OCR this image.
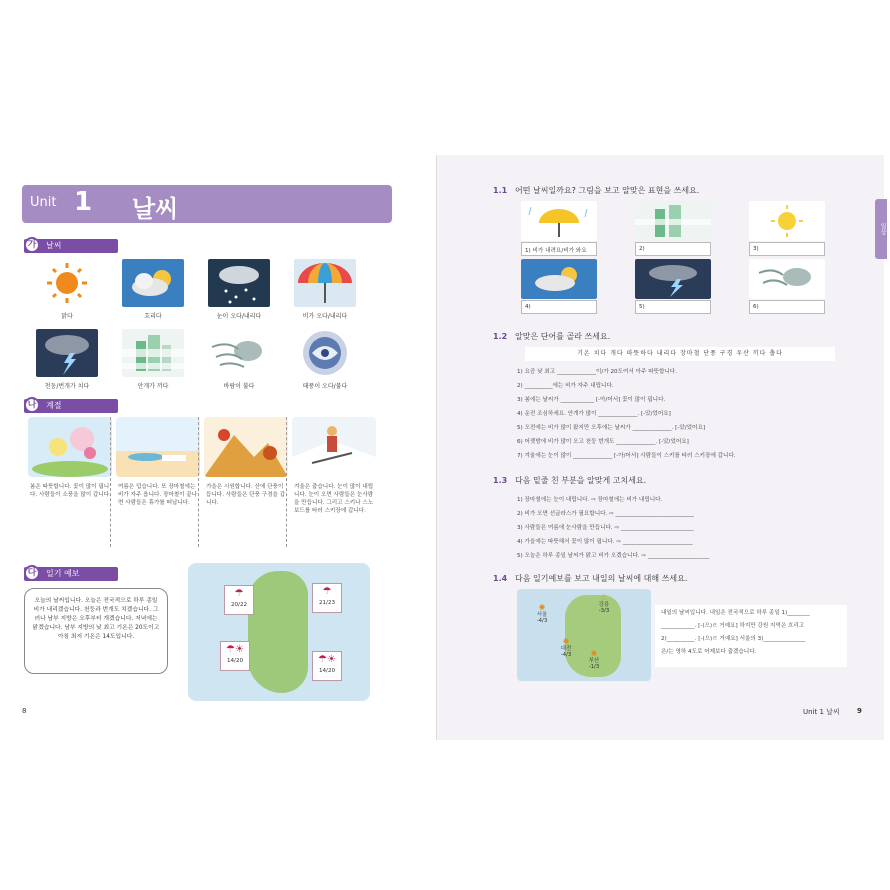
Unit 1 날씨
가	날씨
맑다	흐리다	눈이 오다/내리다	비가 오다/내리다
천둥/번개가 치다	안개가 끼다	바람이 불다	태풍이 오다/불다
나	계절
봄은 따뜻합니다. 꽃이 많이 핍니다. 사람들이 소풍을 많이 갑니다.
여름은 덥습니다. 또 장마철에는 비가 자주 옵니다. 장마철이 끝나면 사람들은 휴가를 떠납니다.
가을은 시원합니다. 산에 단풍이 듭니다. 사람들은 단풍 구경을 갑니다.
겨울은 춥습니다. 눈이 많이 내립니다. 눈이 오면 사람들은 눈사람을 만듭니다. 그리고 스키나 스노보드를 타러 스키장에 갑니다.
다	일기 예보
오늘의 날씨입니다. 오늘은 전국적으로 하루 종일 비가 내리겠습니다. 천둥과 번개도 치겠습니다. 그러나 남부 지방은 오후부터 개겠습니다. 저녁에는 맑겠습니다. 남부 지방의 낮 최고 기온은 20도이고 아침 최저 기온은 14도입니다.
☂
20/22
☂
21/23
☂☀
14/20	☂☀
14/20
8
일상
1.1 어떤 날씨일까요? 그림을 보고 알맞은 표현을 쓰세요.
1) 비가 내려요/비가 와요	2)	3)
4)	5)	6)
1.2 알맞은 단어를 골라 쓰세요.
기온 치다 개다 따뜻하다 내리다 장마철 단풍 구경 우산 끼다 춥다
1) 요즘 낮 최고 ______________이/가 20도여서 아주 따뜻합니다.
2) __________에는 비가 자주 내립니다.
3) 봄에는 날씨가 ____________ [-아/어서] 꽃이 많이 핍니다.
4) 운전 조심하세요. 안개가 많이 ______________. [-았/었어요]
5) 오전에는 비가 많이 왔지만 오후에는 날씨가 ______________. [-았/었어요]
6) 어젯밤에 비가 많이 오고 천둥 번개도 ______________. [-았/었어요]
7) 겨울에는 눈이 많이 ______________ [-아/어서] 사람들이 스키를 타러 스키장에 갑니다.
1.3 다음 밑줄 친 부분을 알맞게 고치세요.
1) 장마철에는 눈이 내립니다. ⇨ 장마철에는 비가 내립니다.
2) 비가 오면 선글라스가 필요합니다. ⇨ ____________________________
3) 사람들은 여름에 눈사람을 만듭니다. ⇨ __________________________
4) 가을에는 따뜻해서 꽃이 많이 핍니다. ⇨ _________________________
5) 오늘은 하루 종일 날씨가 맑고 비가 오겠습니다. ⇨ ______________________
1.4 다음 일기예보를 보고 내일의 날씨에 대해 쓰세요.
✺
서울
-4/3
☃
강릉
-3/3
✺
대전
-4/3	✺
부산
-1/3
내일의 날씨입니다. 내일은 전국적으로 하루 종일 1)________
____________. [-(으)ㄹ 거예요] 하지만 강원 지역은 흐리고
2)__________. [-(으)ㄹ 거예요] 서울의 3)_______________
은/는 영하 4도로 어제보다 춥겠습니다.
Unit 1 날씨 9
